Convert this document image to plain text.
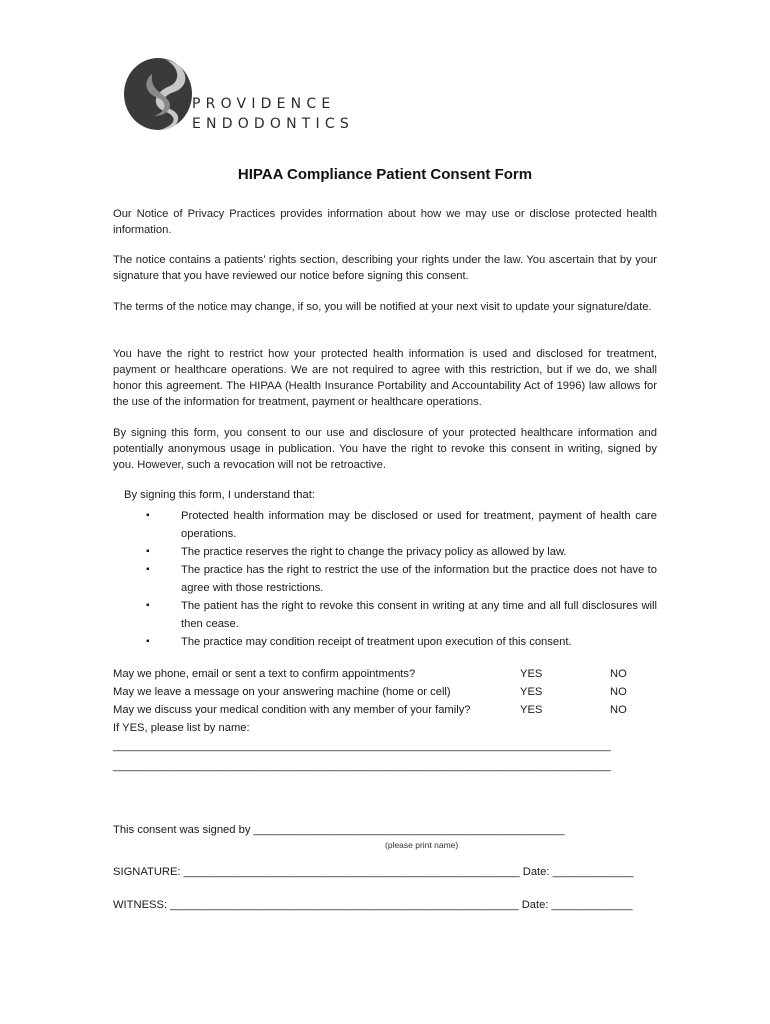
PROVIDENCE
ENDODONTICS
HIPAA Compliance Patient Consent Form
Our Notice of Privacy Practices provides information about how we may use or disclose protected health information.
The notice contains a patients’ rights section, describing your rights under the law. You ascertain that by your signature that you have reviewed our notice before signing this consent.
The terms of the notice may change, if so, you will be notified at your next visit to update your signature/date.
You have the right to restrict how your protected health information is used and disclosed for treatment, payment or healthcare operations. We are not required to agree with this restriction, but if we do, we shall honor this agreement. The HIPAA (Health Insurance Portability and Accountability Act of 1996) law allows for the use of the information for treatment, payment or healthcare operations.
By signing this form, you consent to our use and disclosure of your protected healthcare information and potentially anonymous usage in publication. You have the right to revoke this consent in writing, signed by you. However, such a revocation will not be retroactive.
By signing this form, I understand that:
▪	Protected health information may be disclosed or used for treatment, payment of health care operations.
▪	The practice reserves the right to change the privacy policy as allowed by law.
▪	The practice has the right to restrict the use of the information but the practice does not have to agree with those restrictions.
▪	The patient has the right to revoke this consent in writing at any time and all full disclosures will then cease.
▪	The practice may condition receipt of treatment upon execution of this consent.
May we phone, email or sent a text to confirm appointments?	YES	NO
May we leave a message on your answering machine (home or cell)	YES	NO
May we discuss your medical condition with any member of your family?	YES	NO
If YES, please list by name:
________________________________________________________________________________
________________________________________________________________________________
This consent was signed by __________________________________________________
(please print name)
SIGNATURE: ______________________________________________________ Date: _____________
WITNESS: ________________________________________________________ Date: _____________
